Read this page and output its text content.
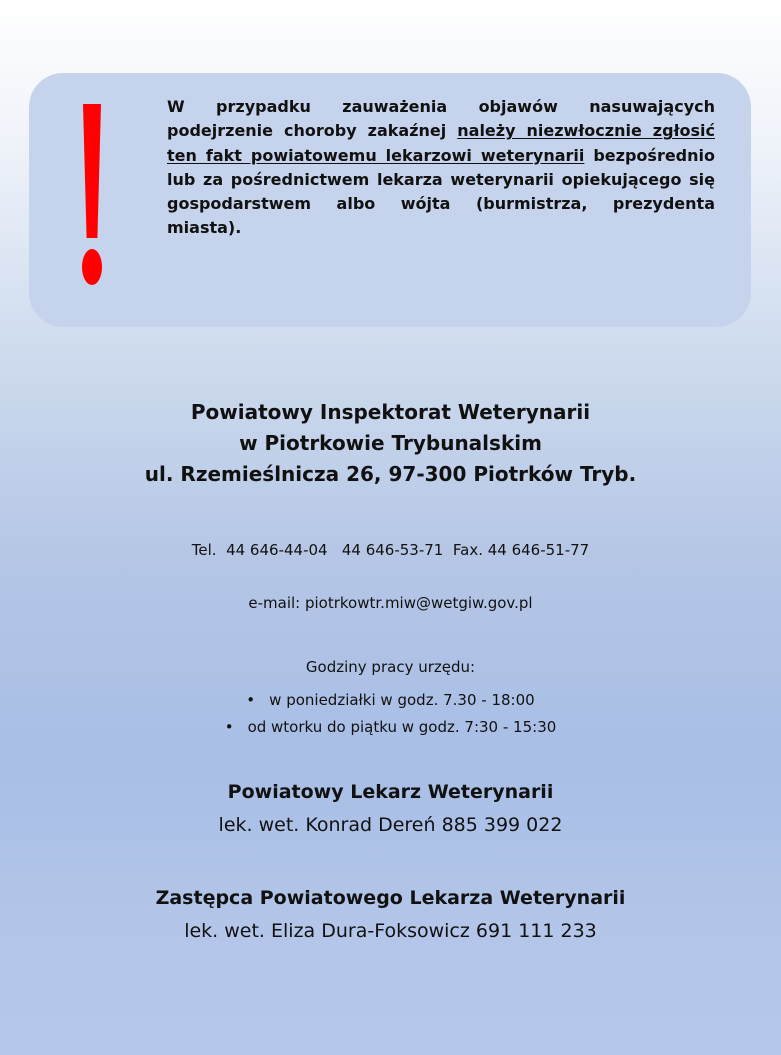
W przypadku zauważenia objawów nasuwających podejrzenie choroby zakaźnej należy niezwłocznie zgłosić ten fakt powiatowemu lekarzowi weterynarii bezpośrednio lub za pośrednictwem lekarza weterynarii opiekującego się gospodarstwem albo wójta (burmistrza, prezydenta miasta).

Powiatowy Inspektorat Weterynarii
w Piotrkowie Trybunalskim
ul. Rzemieślnicza 26, 97-300 Piotrków Tryb.
Tel.  44 646-44-04   44 646-53-71  Fax. 44 646-51-77
e-mail: piotrkowtr.miw@wetgiw.gov.pl
Godziny pracy urzędu:
• w poniedziałki w godz. 7.30 - 18:00
• od wtorku do piątku w godz. 7:30 - 15:30
Powiatowy Lekarz Weterynarii
lek. wet. Konrad Dereń 885 399 022
Zastępca Powiatowego Lekarza Weterynarii
lek. wet. Eliza Dura-Foksowicz 691 111 233
